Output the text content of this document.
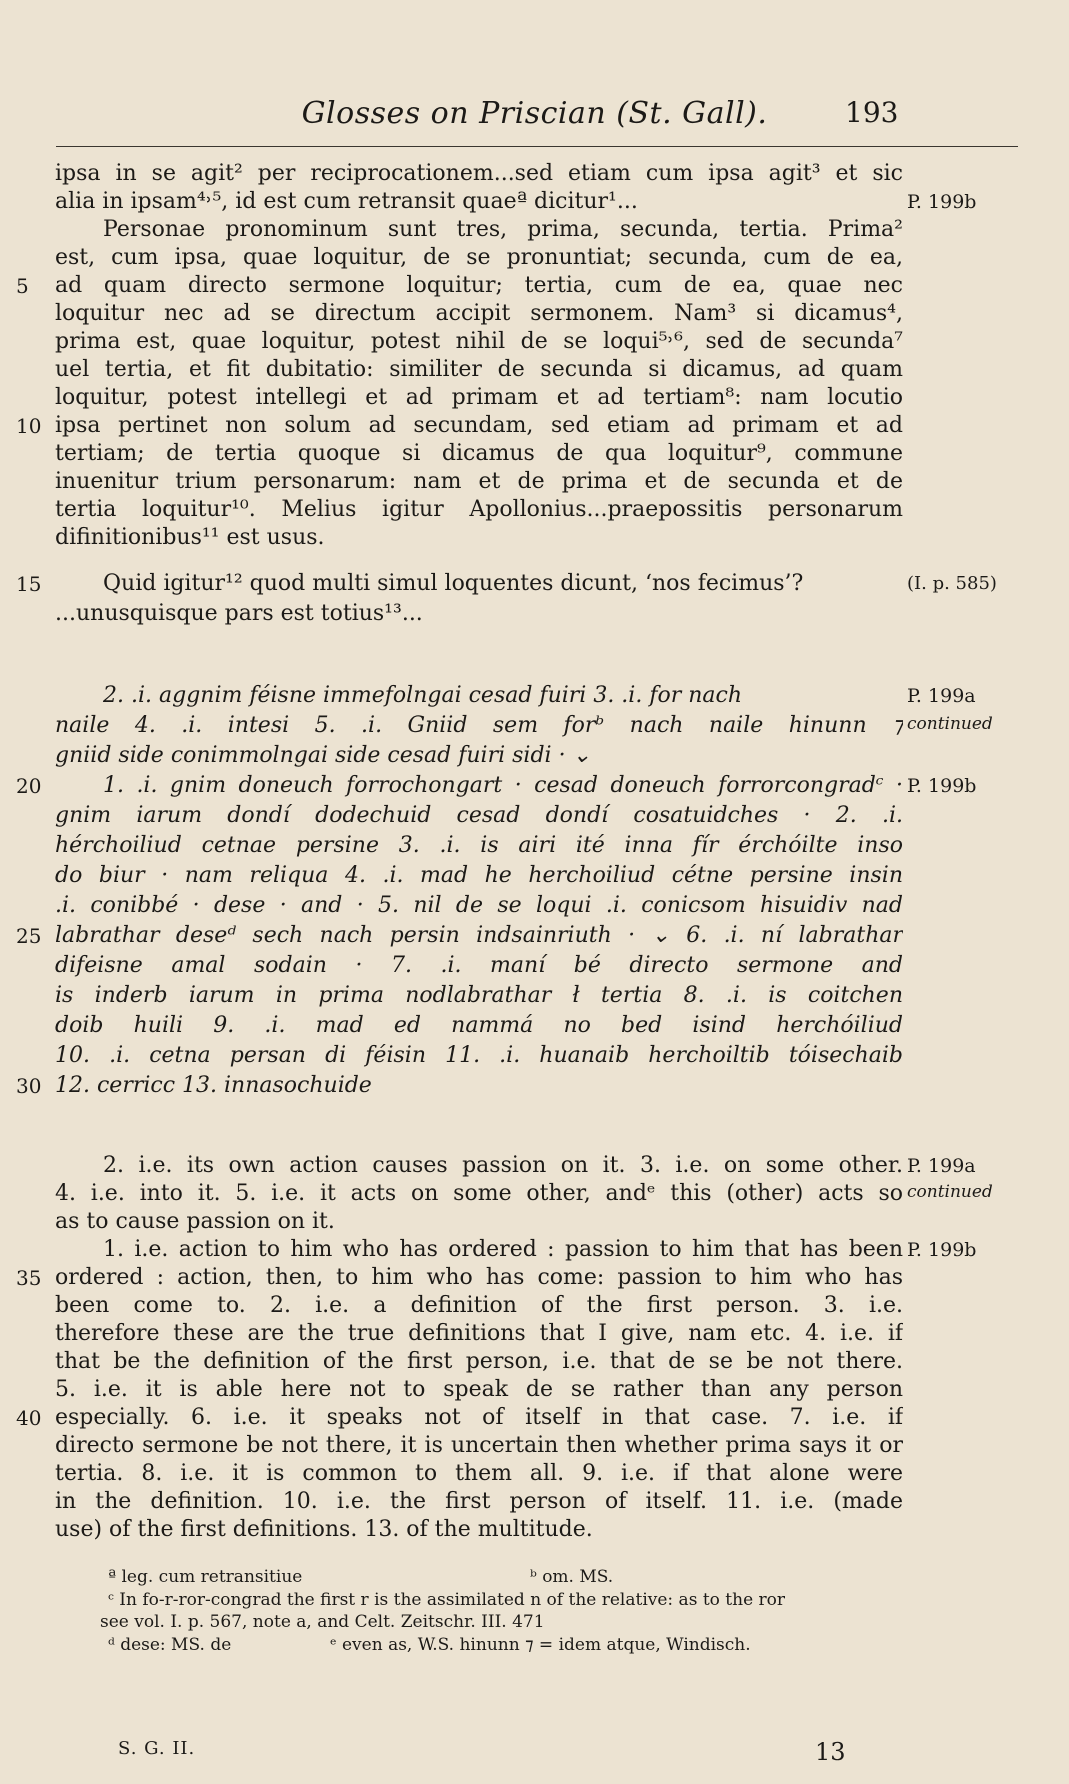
Glosses on Priscian (St. Gall).	193
ipsa in se agit² per reciprocationem...sed etiam cum ipsa agit³ et sic
alia in ipsam⁴˒⁵, id est cum retransit quaeª dicitur¹...
Personae pronominum sunt tres, prima, secunda, tertia. Prima²
est, cum ipsa, quae loquitur, de se pronuntiat; secunda, cum de ea,
ad quam directo sermone loquitur; tertia, cum de ea, quae nec
loquitur nec ad se directum accipit sermonem. Nam³ si dicamus⁴,
prima est, quae loquitur, potest nihil de se loqui⁵˒⁶, sed de secunda⁷
uel tertia, et fit dubitatio: similiter de secunda si dicamus, ad quam
loquitur, potest intellegi et ad primam et ad tertiam⁸: nam locutio
ipsa pertinet non solum ad secundam, sed etiam ad primam et ad
tertiam; de tertia quoque si dicamus de qua loquitur⁹, commune
inuenitur trium personarum: nam et de prima et de secunda et de
tertia loquitur¹⁰. Melius igitur Apollonius...praepossitis personarum
difinitionibus¹¹ est usus.
Quid igitur¹² quod multi simul loquentes dicunt, ‘nos fecimus’?
...unusquisque pars est totius¹³...
2. .i. aggnim féisne immefolngai cesad fuiri 3. .i. for nach
naile 4. .i. intesi 5. .i. Gniid sem forᵇ nach naile hinunn ⁊
gniid side conimmolngai side cesad fuiri sidi · ⌄
1. .i. gnim doneuch forrochongart · cesad doneuch forrorcongradᶜ ·
gnim iarum dondí dodechuid cesad dondí cosatuidches · 2. .i.
hérchoiliud cetnae persine 3. .i. is airi ité inna fír érchóilte inso
do biur · nam reliqua 4. .i. mad he herchoiliud cétne persine insin
.i. conibbé · dese · and · 5. nil de se loqui .i. conicsom hisuidiv nad
labrathar deseᵈ sech nach persin indsainriuth · ⌄ 6. .i. ní labrathar
difeisne amal sodain · 7. .i. maní bé directo sermone and
is inderb iarum in prima nodlabrathar ł tertia 8. .i. is coitchen
doib huili 9. .i. mad ed nammá no bed isind herchóiliud
10. .i. cetna persan di féisin 11. .i. huanaib herchoiltib tóisechaib
12. cerricc 13. innasochuide
2. i.e. its own action causes passion on it. 3. i.e. on some other.
4. i.e. into it. 5. i.e. it acts on some other, andᵉ this (other) acts so
as to cause passion on it.
1. i.e. action to him who has ordered : passion to him that has been
ordered : action, then, to him who has come: passion to him who has
been come to. 2. i.e. a definition of the first person. 3. i.e.
therefore these are the true definitions that I give, nam etc. 4. i.e. if
that be the definition of the first person, i.e. that de se be not there.
5. i.e. it is able here not to speak de se rather than any person
especially. 6. i.e. it speaks not of itself in that case. 7. i.e. if
directo sermone be not there, it is uncertain then whether prima says it or
tertia. 8. i.e. it is common to them all. 9. i.e. if that alone were
in the definition. 10. i.e. the first person of itself. 11. i.e. (made
use) of the first definitions. 13. of the multitude.
5
10
15
20
25
30
35
40
P. 199b
(I. p. 585)
P. 199a
continued
P. 199b
P. 199a
continued
P. 199b
ª leg. cum retransitiue	ᵇ om. MS.
ᶜ In fo-r-ror-congrad the first r is the assimilated n of the relative: as to the ror
see vol. I. p. 567, note a, and Celt. Zeitschr. III. 471
ᵈ dese: MS. de	ᵉ even as, W.S. hinunn ⁊ = idem atque, Windisch.
S. G. II.	13
